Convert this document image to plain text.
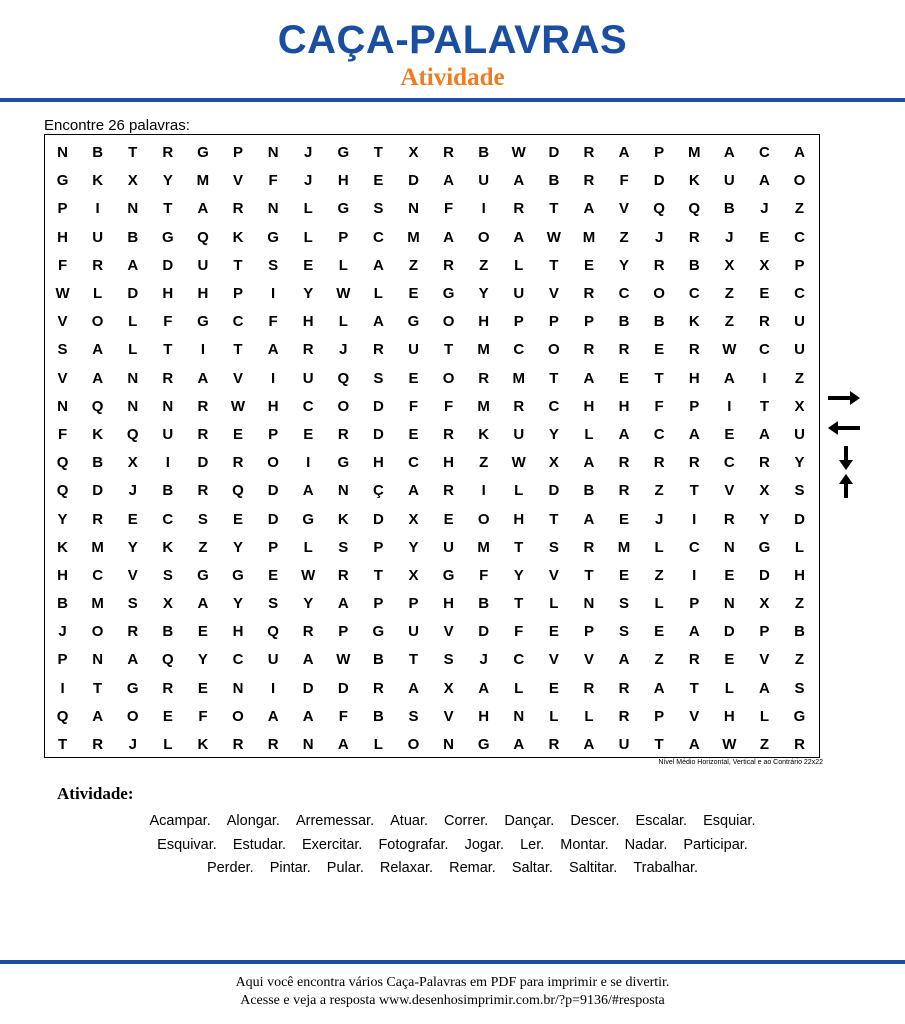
CAÇA-PALAVRAS
Atividade
Encontre 26 palavras:
N	B	T	R	G	P	N	J	G	T	X	R	B	W	D	R	A	P	M	A	C	A
G	K	X	Y	M	V	F	J	H	E	D	A	U	A	B	R	F	D	K	U	A	O
P	I	N	T	A	R	N	L	G	S	N	F	I	R	T	A	V	Q	Q	B	J	Z
H	U	B	G	Q	K	G	L	P	C	M	A	O	A	W	M	Z	J	R	J	E	C
F	R	A	D	U	T	S	E	L	A	Z	R	Z	L	T	E	Y	R	B	X	X	P
W	L	D	H	H	P	I	Y	W	L	E	G	Y	U	V	R	C	O	C	Z	E	C
V	O	L	F	G	C	F	H	L	A	G	O	H	P	P	P	B	B	K	Z	R	U
S	A	L	T	I	T	A	R	J	R	U	T	M	C	O	R	R	E	R	W	C	U
V	A	N	R	A	V	I	U	Q	S	E	O	R	M	T	A	E	T	H	A	I	Z
N	Q	N	N	R	W	H	C	O	D	F	F	M	R	C	H	H	F	P	I	T	X
F	K	Q	U	R	E	P	E	R	D	E	R	K	U	Y	L	A	C	A	E	A	U
Q	B	X	I	D	R	O	I	G	H	C	H	Z	W	X	A	R	R	R	C	R	Y
Q	D	J	B	R	Q	D	A	N	Ç	A	R	I	L	D	B	R	Z	T	V	X	S
Y	R	E	C	S	E	D	G	K	D	X	E	O	H	T	A	E	J	I	R	Y	D
K	M	Y	K	Z	Y	P	L	S	P	Y	U	M	T	S	R	M	L	C	N	G	L
H	C	V	S	G	G	E	W	R	T	X	G	F	Y	V	T	E	Z	I	E	D	H
B	M	S	X	A	Y	S	Y	A	P	P	H	B	T	L	N	S	L	P	N	X	Z
J	O	R	B	E	H	Q	R	P	G	U	V	D	F	E	P	S	E	A	D	P	B
P	N	A	Q	Y	C	U	A	W	B	T	S	J	C	V	V	A	Z	R	E	V	Z
I	T	G	R	E	N	I	D	D	R	A	X	A	L	E	R	R	A	T	L	A	S
Q	A	O	E	F	O	A	A	F	B	S	V	H	N	L	L	R	P	V	H	L	G
T	R	J	L	K	R	R	N	A	L	O	N	G	A	R	A	U	T	A	W	Z	R
Nível Médio Horizontal, Vertical e ao Contrário 22x22
Atividade:
Acampar. Alongar. Arremessar. Atuar. Correr. Dançar. Descer. Escalar. Esquiar.
Esquivar. Estudar. Exercitar. Fotografar. Jogar. Ler. Montar. Nadar. Participar.
Perder. Pintar. Pular. Relaxar. Remar. Saltar. Saltitar. Trabalhar.
Aqui você encontra vários Caça-Palavras em PDF para imprimir e se divertir.
Acesse e veja a resposta www.desenhosimprimir.com.br/?p=9136/#resposta
